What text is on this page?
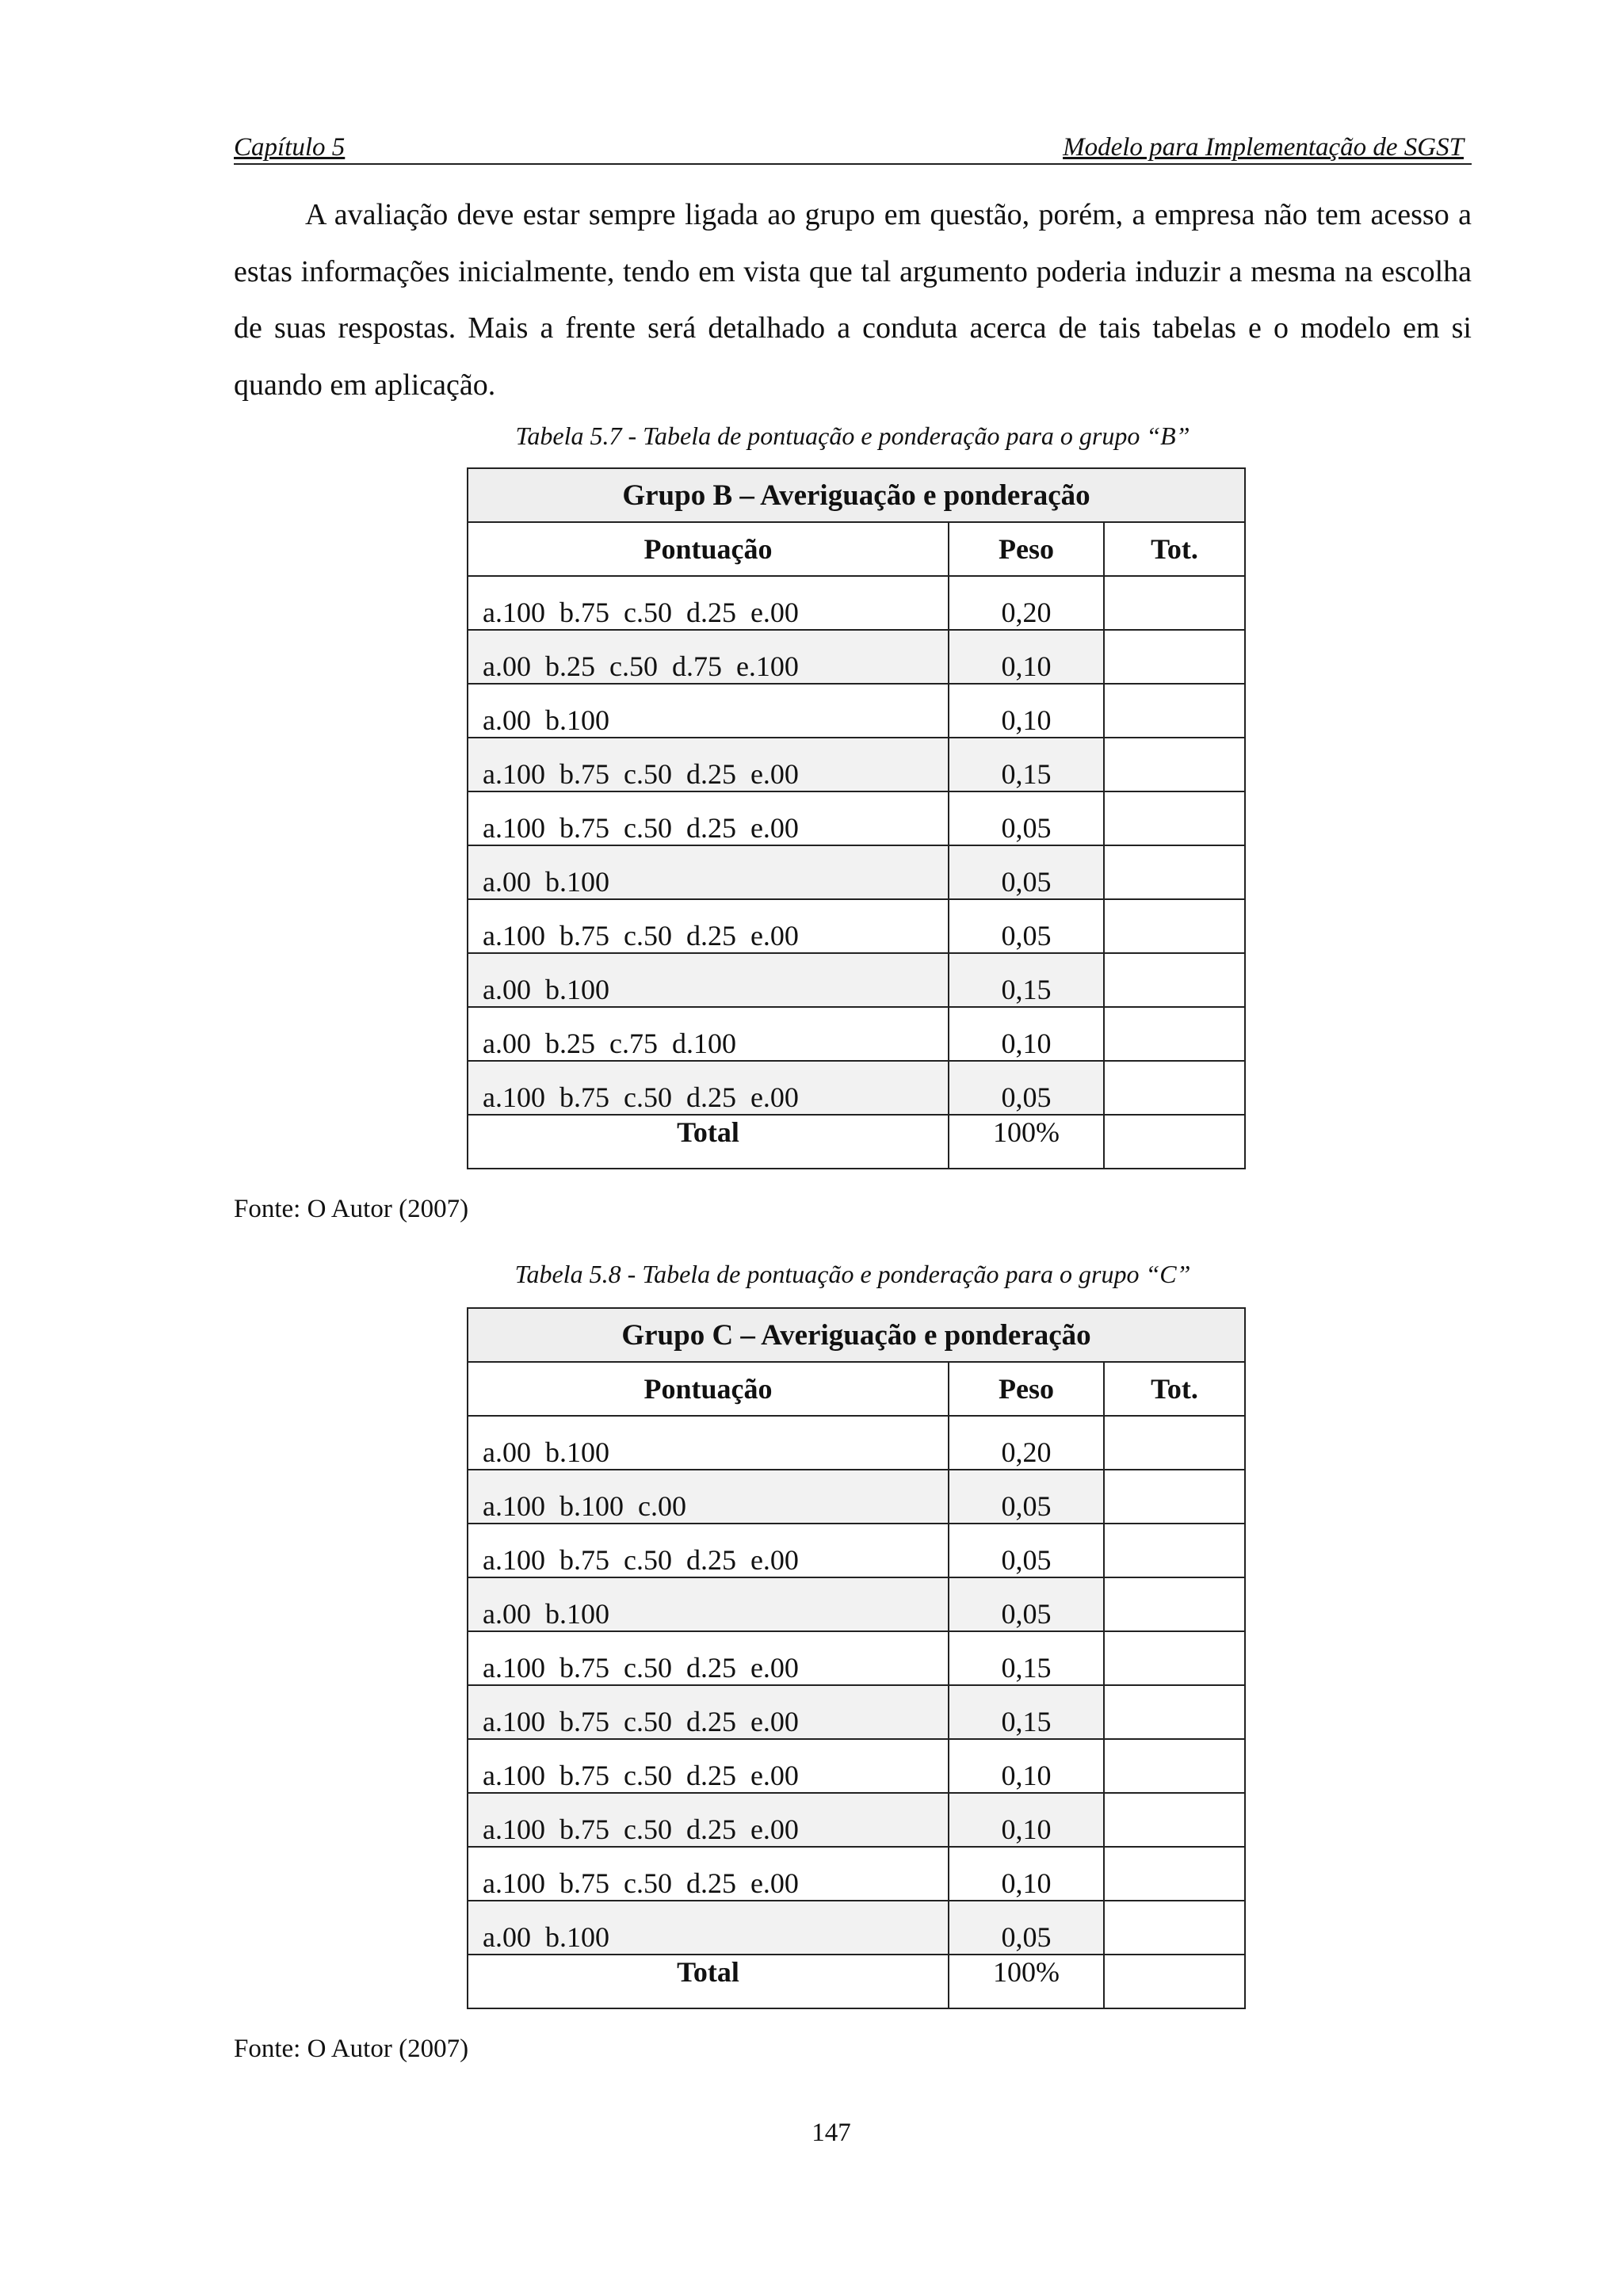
Capítulo 5	Modelo para Implementação de SGST
A avaliação deve estar sempre ligada ao grupo em questão, porém, a empresa não tem acesso a estas informações inicialmente, tendo em vista que tal argumento poderia induzir a mesma na escolha de suas respostas. Mais a frente será detalhado a conduta acerca de tais tabelas e o modelo em si quando em aplicação.
Tabela 5.7 - Tabela de pontuação e ponderação para o grupo “B”
Grupo B – Averiguação e ponderação		
Pontuação	Peso	Tot.
a.100  b.75  c.50  d.25  e.00	0,20	
a.00  b.25  c.50  d.75  e.100	0,10	
a.00  b.100	0,10	
a.100  b.75  c.50  d.25  e.00	0,15	
a.100  b.75  c.50  d.25  e.00	0,05	
a.00  b.100	0,05	
a.100  b.75  c.50  d.25  e.00	0,05	
a.00  b.100	0,15	
a.00  b.25  c.75  d.100	0,10	
a.100  b.75  c.50  d.25  e.00	0,05	
Total	100%	
Fonte: O Autor (2007)
Tabela 5.8 - Tabela de pontuação e ponderação para o grupo “C”
Grupo C – Averiguação e ponderação		
Pontuação	Peso	Tot.
a.00  b.100	0,20	
a.100  b.100  c.00	0,05	
a.100  b.75  c.50  d.25  e.00	0,05	
a.00  b.100	0,05	
a.100  b.75  c.50  d.25  e.00	0,15	
a.100  b.75  c.50  d.25  e.00	0,15	
a.100  b.75  c.50  d.25  e.00	0,10	
a.100  b.75  c.50  d.25  e.00	0,10	
a.100  b.75  c.50  d.25  e.00	0,10	
a.00  b.100	0,05	
Total	100%	
Fonte: O Autor (2007)
147
